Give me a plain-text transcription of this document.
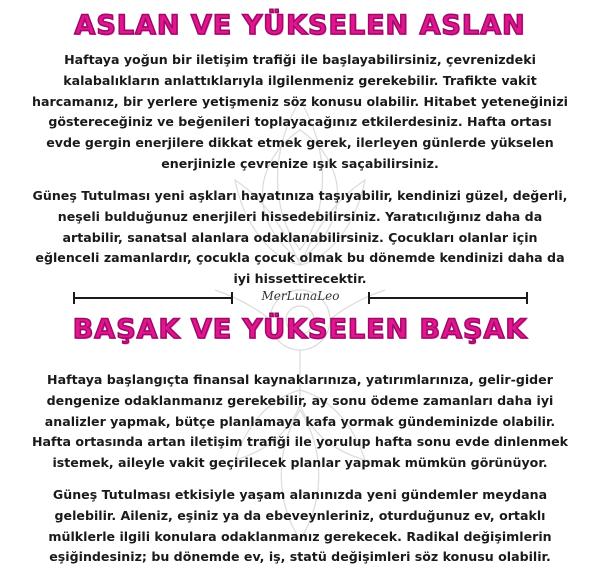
ASLAN VE YÜKSELEN ASLAN

Haftaya yoğun bir iletişim trafiği ile başlayabilirsiniz, çevrenizdeki kalabalıkların anlattıklarıyla ilgilenmeniz gerekebilir. Trafikte vakit harcamanız, bir yerlere yetişmeniz söz konusu olabilir. Hitabet yeteneğinizi göstereceğiniz ve beğenileri toplayacağınız etkilerdesiniz. Hafta ortası evde gergin enerjilere dikkat etmek gerek, ilerleyen günlerde yükselen enerjinizle çevrenize ışık saçabilirsiniz.

Güneş Tutulması yeni aşkları hayatınıza taşıyabilir, kendinizi güzel, değerli, neşeli bulduğunuz enerjileri hissedebilirsiniz. Yaratıcılığınız daha da artabilir, sanatsal alanlara odaklanabilirsiniz. Çocukları olanlar için eğlenceli zamanlardır, çocukla çocuk olmak bu dönemde kendinizi daha da iyi hissettirecektir.

MerLunaLeo
BAŞAK VE YÜKSELEN BAŞAK

Haftaya başlangıçta finansal kaynaklarınıza, yatırımlarınıza, gelir-gider dengenize odaklanmanız gerekebilir, ay sonu ödeme zamanları daha iyi analizler yapmak, bütçe planlamaya kafa yormak gündeminizde olabilir. Hafta ortasında artan iletişim trafiği ile yorulup hafta sonu evde dinlenmek istemek, aileyle vakit geçirilecek planlar yapmak mümkün görünüyor.

Güneş Tutulması etkisiyle yaşam alanınızda yeni gündemler meydana gelebilir. Aileniz, eşiniz ya da ebeveynleriniz, oturduğunuz ev, ortaklı mülklerle ilgili konulara odaklanmanız gerekecek. Radikal değişimlerin eşiğindesiniz; bu dönemde ev, iş, statü değişimleri söz konusu olabilir.
